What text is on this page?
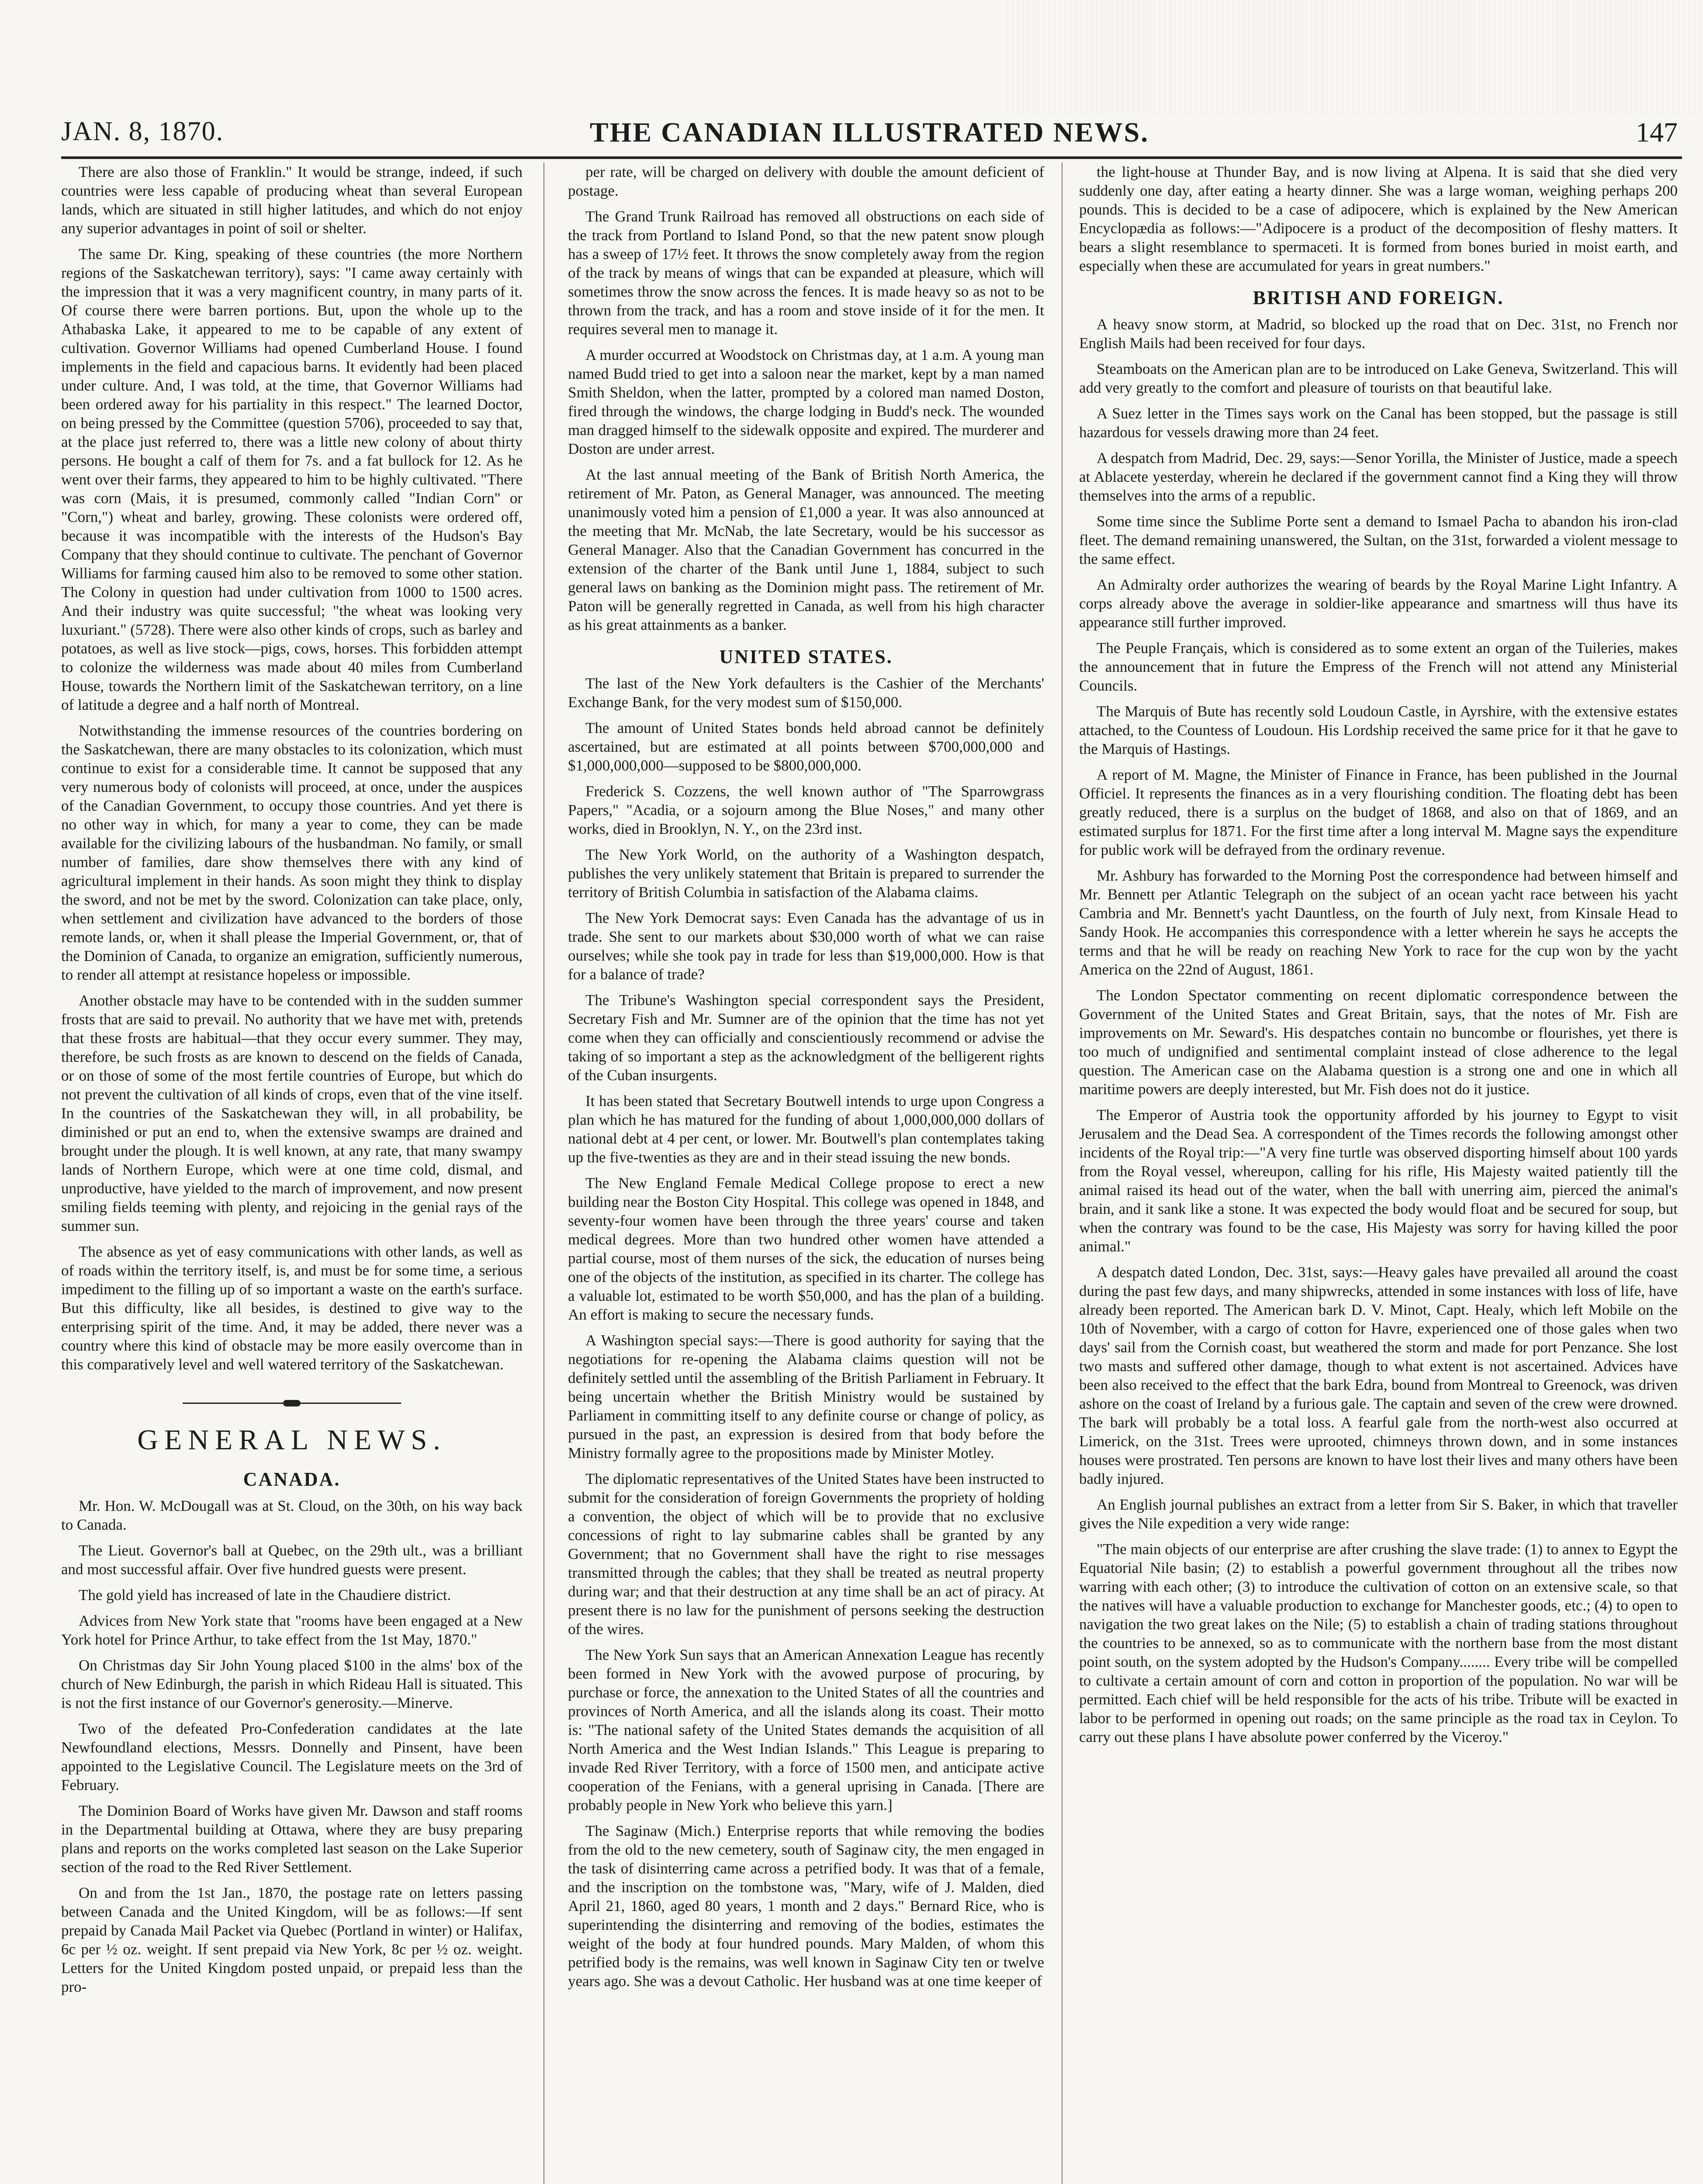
THE CANADIAN ILLUSTRATED NEWS.
JAN. 8, 1870.	147

There are also those of Franklin." It would be strange, indeed, if such countries were less capable of producing wheat than several European lands, which are situated in still higher latitudes, and which do not enjoy any superior advantages in point of soil or shelter.

The same Dr. King, speaking of these countries (the more Northern regions of the Saskatchewan territory), says: "I came away certainly with the impression that it was a very magnificent country, in many parts of it. Of course there were barren portions. But, upon the whole up to the Athabaska Lake, it appeared to me to be capable of any extent of cultivation. Governor Williams had opened Cumberland House. I found implements in the field and capacious barns. It evidently had been placed under culture. And, I was told, at the time, that Governor Williams had been ordered away for his partiality in this respect." The learned Doctor, on being pressed by the Committee (question 5706), proceeded to say that, at the place just referred to, there was a little new colony of about thirty persons. He bought a calf of them for 7s. and a fat bullock for 12. As he went over their farms, they appeared to him to be highly cultivated. "There was corn (Mais, it is presumed, commonly called "Indian Corn" or "Corn,") wheat and barley, growing. These colonists were ordered off, because it was incompatible with the interests of the Hudson's Bay Company that they should continue to cultivate. The penchant of Governor Williams for farming caused him also to be removed to some other station. The Colony in question had under cultivation from 1000 to 1500 acres. And their industry was quite successful; "the wheat was looking very luxuriant." (5728). There were also other kinds of crops, such as barley and potatoes, as well as live stock—pigs, cows, horses. This forbidden attempt to colonize the wilderness was made about 40 miles from Cumberland House, towards the Northern limit of the Saskatchewan territory, on a line of latitude a degree and a half north of Montreal.

Notwithstanding the immense resources of the countries bordering on the Saskatchewan, there are many obstacles to its colonization, which must continue to exist for a considerable time. It cannot be supposed that any very numerous body of colonists will proceed, at once, under the auspices of the Canadian Government, to occupy those countries. And yet there is no other way in which, for many a year to come, they can be made available for the civilizing labours of the husbandman. No family, or small number of families, dare show themselves there with any kind of agricultural implement in their hands. As soon might they think to display the sword, and not be met by the sword. Colonization can take place, only, when settlement and civilization have advanced to the borders of those remote lands, or, when it shall please the Imperial Government, or, that of the Dominion of Canada, to organize an emigration, sufficiently numerous, to render all attempt at resistance hopeless or impossible.

Another obstacle may have to be contended with in the sudden summer frosts that are said to prevail. No authority that we have met with, pretends that these frosts are habitual—that they occur every summer. They may, therefore, be such frosts as are known to descend on the fields of Canada, or on those of some of the most fertile countries of Europe, but which do not prevent the cultivation of all kinds of crops, even that of the vine itself. In the countries of the Saskatchewan they will, in all probability, be diminished or put an end to, when the extensive swamps are drained and brought under the plough. It is well known, at any rate, that many swampy lands of Northern Europe, which were at one time cold, dismal, and unproductive, have yielded to the march of improvement, and now present smiling fields teeming with plenty, and rejoicing in the genial rays of the summer sun.

The absence as yet of easy communications with other lands, as well as of roads within the territory itself, is, and must be for some time, a serious impediment to the filling up of so important a waste on the earth's surface. But this difficulty, like all besides, is destined to give way to the enterprising spirit of the time. And, it may be added, there never was a country where this kind of obstacle may be more easily overcome than in this comparatively level and well watered territory of the Saskatchewan.

GENERAL NEWS.
CANADA.

Mr. Hon. W. McDougall was at St. Cloud, on the 30th, on his way back to Canada.

The Lieut. Governor's ball at Quebec, on the 29th ult., was a brilliant and most successful affair. Over five hundred guests were present.

The gold yield has increased of late in the Chaudiere district.

Advices from New York state that "rooms have been engaged at a New York hotel for Prince Arthur, to take effect from the 1st May, 1870."

On Christmas day Sir John Young placed $100 in the alms' box of the church of New Edinburgh, the parish in which Rideau Hall is situated. This is not the first instance of our Governor's generosity.—Minerve.

Two of the defeated Pro-Confederation candidates at the late Newfoundland elections, Messrs. Donnelly and Pinsent, have been appointed to the Legislative Council. The Legislature meets on the 3rd of February.

The Dominion Board of Works have given Mr. Dawson and staff rooms in the Departmental building at Ottawa, where they are busy preparing plans and reports on the works completed last season on the Lake Superior section of the road to the Red River Settlement.

On and from the 1st Jan., 1870, the postage rate on letters passing between Canada and the United Kingdom, will be as follows:—If sent prepaid by Canada Mail Packet via Quebec (Portland in winter) or Halifax, 6c per ½ oz. weight. If sent prepaid via New York, 8c per ½ oz. weight. Letters for the United Kingdom posted unpaid, or prepaid less than the pro-

per rate, will be charged on delivery with double the amount deficient of postage.

The Grand Trunk Railroad has removed all obstructions on each side of the track from Portland to Island Pond, so that the new patent snow plough has a sweep of 17½ feet. It throws the snow completely away from the region of the track by means of wings that can be expanded at pleasure, which will sometimes throw the snow across the fences. It is made heavy so as not to be thrown from the track, and has a room and stove inside of it for the men. It requires several men to manage it.

A murder occurred at Woodstock on Christmas day, at 1 a.m. A young man named Budd tried to get into a saloon near the market, kept by a man named Smith Sheldon, when the latter, prompted by a colored man named Doston, fired through the windows, the charge lodging in Budd's neck. The wounded man dragged himself to the sidewalk opposite and expired. The murderer and Doston are under arrest.

At the last annual meeting of the Bank of British North America, the retirement of Mr. Paton, as General Manager, was announced. The meeting unanimously voted him a pension of £1,000 a year. It was also announced at the meeting that Mr. McNab, the late Secretary, would be his successor as General Manager. Also that the Canadian Government has concurred in the extension of the charter of the Bank until June 1, 1884, subject to such general laws on banking as the Dominion might pass. The retirement of Mr. Paton will be generally regretted in Canada, as well from his high character as his great attainments as a banker.

UNITED STATES.

The last of the New York defaulters is the Cashier of the Merchants' Exchange Bank, for the very modest sum of $150,000.

The amount of United States bonds held abroad cannot be definitely ascertained, but are estimated at all points between $700,000,000 and $1,000,000,000—supposed to be $800,000,000.

Frederick S. Cozzens, the well known author of "The Sparrowgrass Papers," "Acadia, or a sojourn among the Blue Noses," and many other works, died in Brooklyn, N. Y., on the 23rd inst.

The New York World, on the authority of a Washington despatch, publishes the very unlikely statement that Britain is prepared to surrender the territory of British Columbia in satisfaction of the Alabama claims.

The New York Democrat says: Even Canada has the advantage of us in trade. She sent to our markets about $30,000 worth of what we can raise ourselves; while she took pay in trade for less than $19,000,000. How is that for a balance of trade?

The Tribune's Washington special correspondent says the President, Secretary Fish and Mr. Sumner are of the opinion that the time has not yet come when they can officially and conscientiously recommend or advise the taking of so important a step as the acknowledgment of the belligerent rights of the Cuban insurgents.

It has been stated that Secretary Boutwell intends to urge upon Congress a plan which he has matured for the funding of about 1,000,000,000 dollars of national debt at 4 per cent, or lower. Mr. Boutwell's plan contemplates taking up the five-twenties as they are and in their stead issuing the new bonds.

The New England Female Medical College propose to erect a new building near the Boston City Hospital. This college was opened in 1848, and seventy-four women have been through the three years' course and taken medical degrees. More than two hundred other women have attended a partial course, most of them nurses of the sick, the education of nurses being one of the objects of the institution, as specified in its charter. The college has a valuable lot, estimated to be worth $50,000, and has the plan of a building. An effort is making to secure the necessary funds.

A Washington special says:—There is good authority for saying that the negotiations for re-opening the Alabama claims question will not be definitely settled until the assembling of the British Parliament in February. It being uncertain whether the British Ministry would be sustained by Parliament in committing itself to any definite course or change of policy, as pursued in the past, an expression is desired from that body before the Ministry formally agree to the propositions made by Minister Motley.

The diplomatic representatives of the United States have been instructed to submit for the consideration of foreign Governments the propriety of holding a convention, the object of which will be to provide that no exclusive concessions of right to lay submarine cables shall be granted by any Government; that no Government shall have the right to rise messages transmitted through the cables; that they shall be treated as neutral property during war; and that their destruction at any time shall be an act of piracy. At present there is no law for the punishment of persons seeking the destruction of the wires.

The New York Sun says that an American Annexation League has recently been formed in New York with the avowed purpose of procuring, by purchase or force, the annexation to the United States of all the countries and provinces of North America, and all the islands along its coast. Their motto is: "The national safety of the United States demands the acquisition of all North America and the West Indian Islands." This League is preparing to invade Red River Territory, with a force of 1500 men, and anticipate active cooperation of the Fenians, with a general uprising in Canada. [There are probably people in New York who believe this yarn.]

The Saginaw (Mich.) Enterprise reports that while removing the bodies from the old to the new cemetery, south of Saginaw city, the men engaged in the task of disinterring came across a petrified body. It was that of a female, and the inscription on the tombstone was, "Mary, wife of J. Malden, died April 21, 1860, aged 80 years, 1 month and 2 days." Bernard Rice, who is superintending the disinterring and removing of the bodies, estimates the weight of the body at four hundred pounds. Mary Malden, of whom this petrified body is the remains, was well known in Saginaw City ten or twelve years ago. She was a devout Catholic. Her husband was at one time keeper of

the light-house at Thunder Bay, and is now living at Alpena. It is said that she died very suddenly one day, after eating a hearty dinner. She was a large woman, weighing perhaps 200 pounds. This is decided to be a case of adipocere, which is explained by the New American Encyclopædia as follows:—"Adipocere is a product of the decomposition of fleshy matters. It bears a slight resemblance to spermaceti. It is formed from bones buried in moist earth, and especially when these are accumulated for years in great numbers."

BRITISH AND FOREIGN.

A heavy snow storm, at Madrid, so blocked up the road that on Dec. 31st, no French nor English Mails had been received for four days.

Steamboats on the American plan are to be introduced on Lake Geneva, Switzerland. This will add very greatly to the comfort and pleasure of tourists on that beautiful lake.

A Suez letter in the Times says work on the Canal has been stopped, but the passage is still hazardous for vessels drawing more than 24 feet.

A despatch from Madrid, Dec. 29, says:—Senor Yorilla, the Minister of Justice, made a speech at Ablacete yesterday, wherein he declared if the government cannot find a King they will throw themselves into the arms of a republic.

Some time since the Sublime Porte sent a demand to Ismael Pacha to abandon his iron-clad fleet. The demand remaining unanswered, the Sultan, on the 31st, forwarded a violent message to the same effect.

An Admiralty order authorizes the wearing of beards by the Royal Marine Light Infantry. A corps already above the average in soldier-like appearance and smartness will thus have its appearance still further improved.

The Peuple Français, which is considered as to some extent an organ of the Tuileries, makes the announcement that in future the Empress of the French will not attend any Ministerial Councils.

The Marquis of Bute has recently sold Loudoun Castle, in Ayrshire, with the extensive estates attached, to the Countess of Loudoun. His Lordship received the same price for it that he gave to the Marquis of Hastings.

A report of M. Magne, the Minister of Finance in France, has been published in the Journal Officiel. It represents the finances as in a very flourishing condition. The floating debt has been greatly reduced, there is a surplus on the budget of 1868, and also on that of 1869, and an estimated surplus for 1871. For the first time after a long interval M. Magne says the expenditure for public work will be defrayed from the ordinary revenue.

Mr. Ashbury has forwarded to the Morning Post the correspondence had between himself and Mr. Bennett per Atlantic Telegraph on the subject of an ocean yacht race between his yacht Cambria and Mr. Bennett's yacht Dauntless, on the fourth of July next, from Kinsale Head to Sandy Hook. He accompanies this correspondence with a letter wherein he says he accepts the terms and that he will be ready on reaching New York to race for the cup won by the yacht America on the 22nd of August, 1861.

The London Spectator commenting on recent diplomatic correspondence between the Government of the United States and Great Britain, says, that the notes of Mr. Fish are improvements on Mr. Seward's. His despatches contain no buncombe or flourishes, yet there is too much of undignified and sentimental complaint instead of close adherence to the legal question. The American case on the Alabama question is a strong one and one in which all maritime powers are deeply interested, but Mr. Fish does not do it justice.

The Emperor of Austria took the opportunity afforded by his journey to Egypt to visit Jerusalem and the Dead Sea. A correspondent of the Times records the following amongst other incidents of the Royal trip:—"A very fine turtle was observed disporting himself about 100 yards from the Royal vessel, whereupon, calling for his rifle, His Majesty waited patiently till the animal raised its head out of the water, when the ball with unerring aim, pierced the animal's brain, and it sank like a stone. It was expected the body would float and be secured for soup, but when the contrary was found to be the case, His Majesty was sorry for having killed the poor animal."

A despatch dated London, Dec. 31st, says:—Heavy gales have prevailed all around the coast during the past few days, and many shipwrecks, attended in some instances with loss of life, have already been reported. The American bark D. V. Minot, Capt. Healy, which left Mobile on the 10th of November, with a cargo of cotton for Havre, experienced one of those gales when two days' sail from the Cornish coast, but weathered the storm and made for port Penzance. She lost two masts and suffered other damage, though to what extent is not ascertained. Advices have been also received to the effect that the bark Edra, bound from Montreal to Greenock, was driven ashore on the coast of Ireland by a furious gale. The captain and seven of the crew were drowned. The bark will probably be a total loss. A fearful gale from the north-west also occurred at Limerick, on the 31st. Trees were uprooted, chimneys thrown down, and in some instances houses were prostrated. Ten persons are known to have lost their lives and many others have been badly injured.

An English journal publishes an extract from a letter from Sir S. Baker, in which that traveller gives the Nile expedition a very wide range:

"The main objects of our enterprise are after crushing the slave trade: (1) to annex to Egypt the Equatorial Nile basin; (2) to establish a powerful government throughout all the tribes now warring with each other; (3) to introduce the cultivation of cotton on an extensive scale, so that the natives will have a valuable production to exchange for Manchester goods, etc.; (4) to open to navigation the two great lakes on the Nile; (5) to establish a chain of trading stations throughout the countries to be annexed, so as to communicate with the northern base from the most distant point south, on the system adopted by the Hudson's Company........ Every tribe will be compelled to cultivate a certain amount of corn and cotton in proportion of the population. No war will be permitted. Each chief will be held responsible for the acts of his tribe. Tribute will be exacted in labor to be performed in opening out roads; on the same principle as the road tax in Ceylon. To carry out these plans I have absolute power conferred by the Viceroy."
